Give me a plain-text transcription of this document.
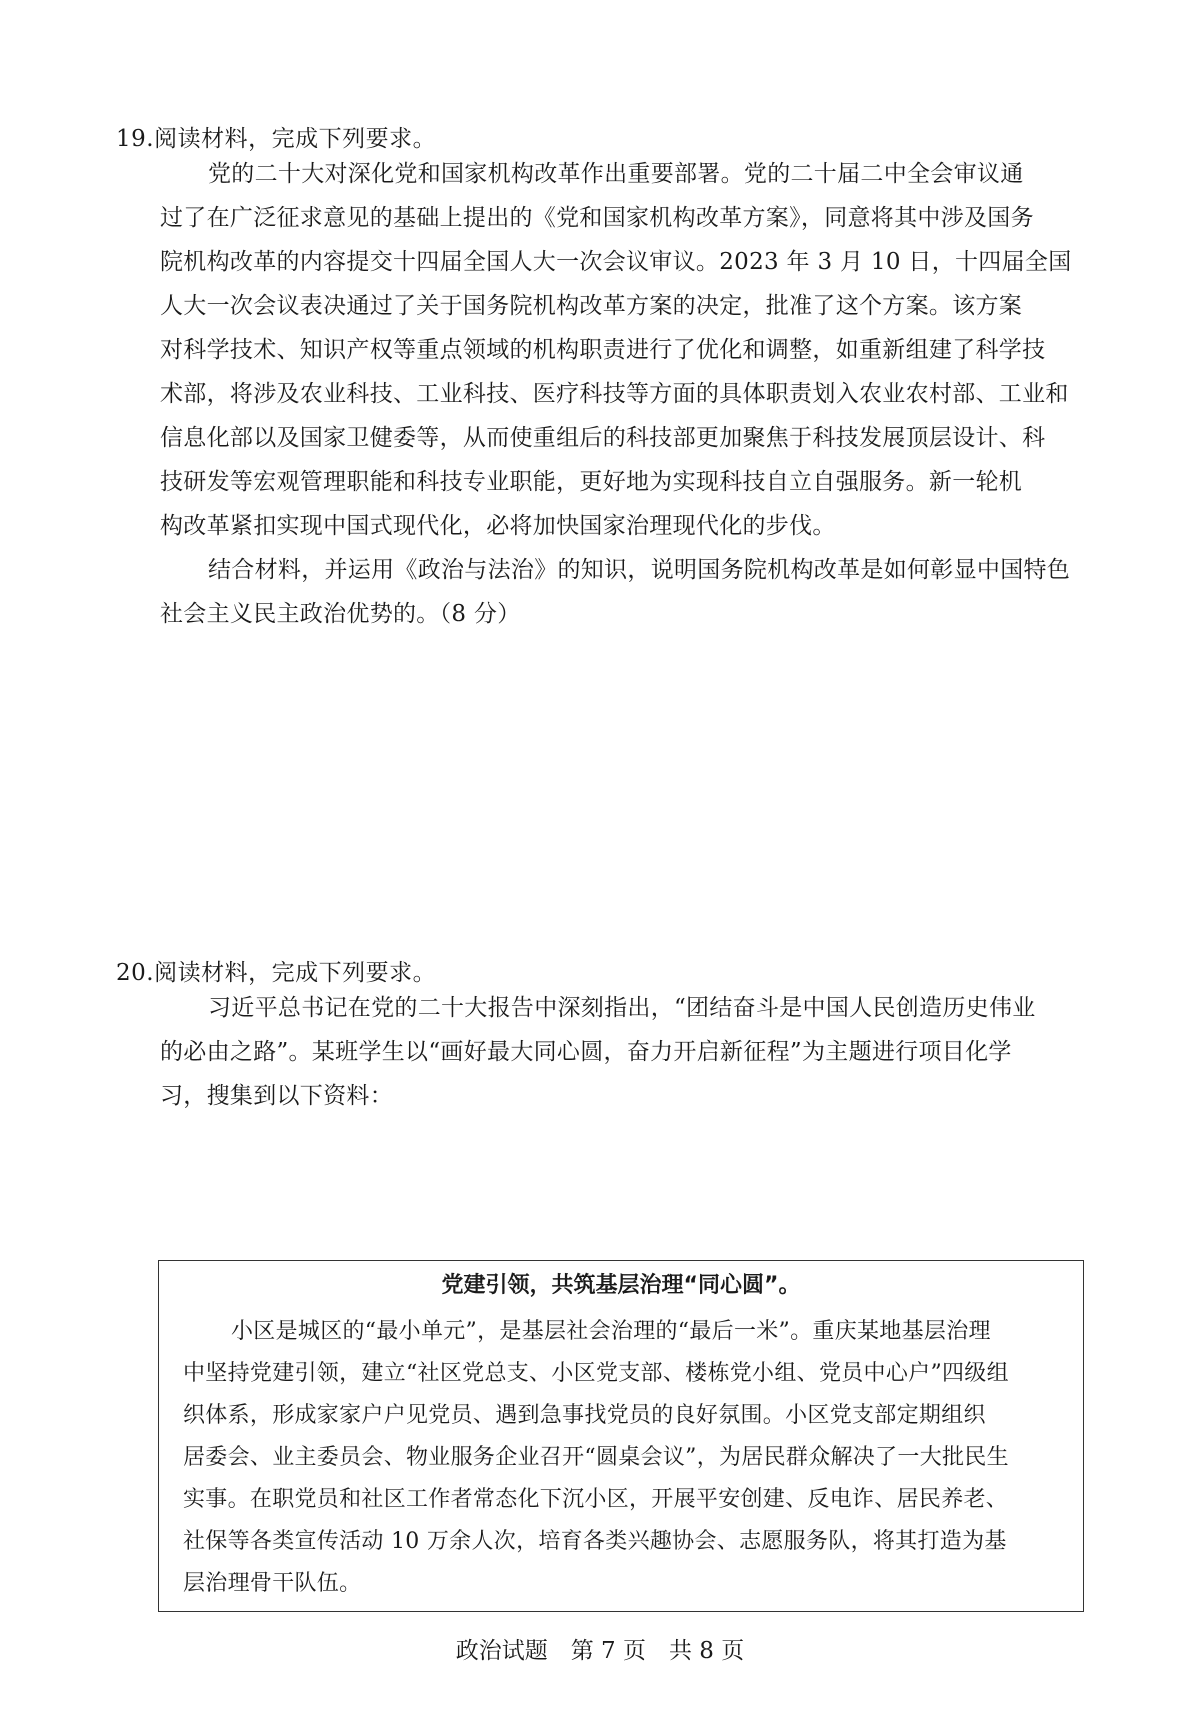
19.阅读材料，完成下列要求。
党的二十大对深化党和国家机构改革作出重要部署。党的二十届二中全会审议通
过了在广泛征求意见的基础上提出的《党和国家机构改革方案》，同意将其中涉及国务
院机构改革的内容提交十四届全国人大一次会议审议。2023 年 3 月 10 日，十四届全国
人大一次会议表决通过了关于国务院机构改革方案的决定，批准了这个方案。该方案
对科学技术、知识产权等重点领域的机构职责进行了优化和调整，如重新组建了科学技
术部，将涉及农业科技、工业科技、医疗科技等方面的具体职责划入农业农村部、工业和
信息化部以及国家卫健委等，从而使重组后的科技部更加聚焦于科技发展顶层设计、科
技研发等宏观管理职能和科技专业职能，更好地为实现科技自立自强服务。新一轮机
构改革紧扣实现中国式现代化，必将加快国家治理现代化的步伐。
结合材料，并运用《政治与法治》的知识，说明国务院机构改革是如何彰显中国特色
社会主义民主政治优势的。（8 分）
20.阅读材料，完成下列要求。
习近平总书记在党的二十大报告中深刻指出，“团结奋斗是中国人民创造历史伟业
的必由之路”。某班学生以“画好最大同心圆，奋力开启新征程”为主题进行项目化学
习，搜集到以下资料：
党建引领，共筑基层治理“同心圆”。
小区是城区的“最小单元”，是基层社会治理的“最后一米”。重庆某地基层治理
中坚持党建引领，建立“社区党总支、小区党支部、楼栋党小组、党员中心户”四级组
织体系，形成家家户户见党员、遇到急事找党员的良好氛围。小区党支部定期组织
居委会、业主委员会、物业服务企业召开“圆桌会议”，为居民群众解决了一大批民生
实事。在职党员和社区工作者常态化下沉小区，开展平安创建、反电诈、居民养老、
社保等各类宣传活动 10 万余人次，培育各类兴趣协会、志愿服务队，将其打造为基
层治理骨干队伍。
政治试题　第 7 页　共 8 页
